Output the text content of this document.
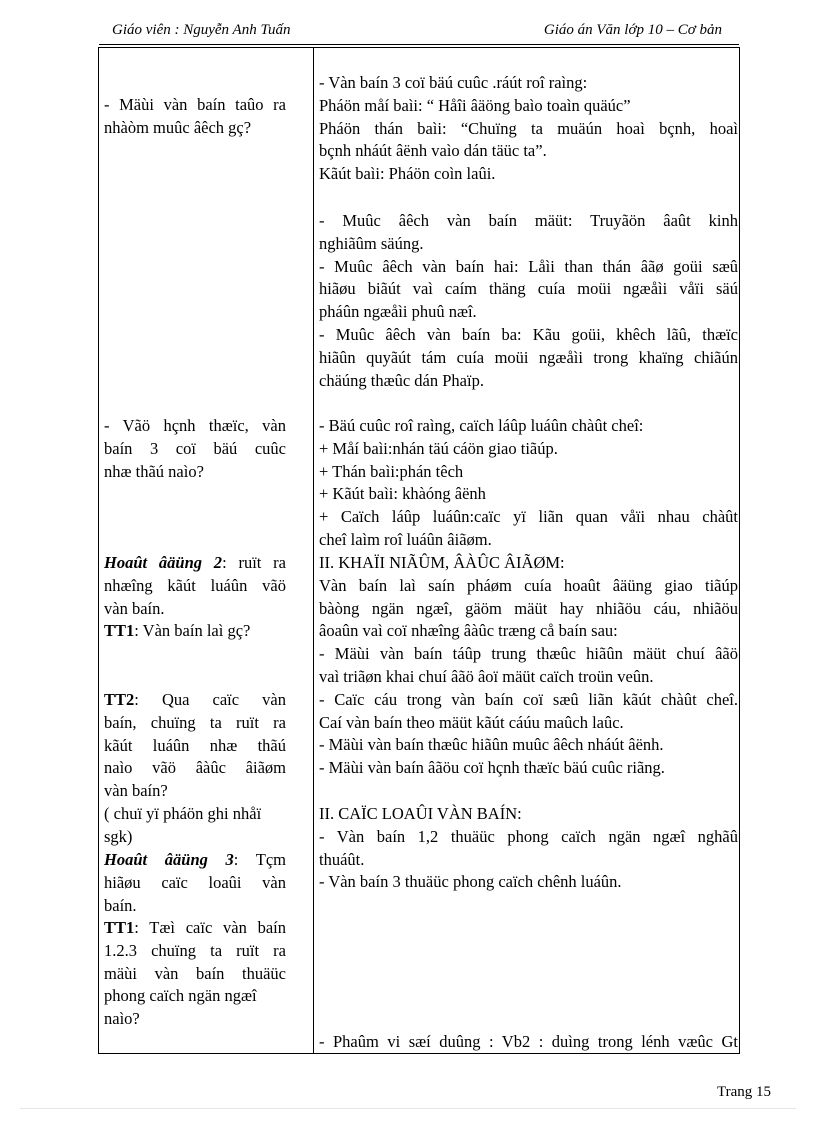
Giáo viên : Nguyễn Anh Tuấn	Giáo án Văn lớp 10 – Cơ bản

- Mäùi vàn baín taûo ra

nhàòm muûc âêch gç?

- Vãö hçnh thæïc, vàn

baín 3 coï bäú cuûc

nhæ thãú naìo?

Hoaût âäüng 2: ruït ra

nhæîng kãút luáûn vãö

vàn baín.

TT1: Vàn baín laì gç?

TT2: Qua caïc vàn

baín, chuïng ta ruït ra

kãút luáûn nhæ thãú

naìo vãö âàûc âiãøm

vàn baín?

( chuï yï pháön ghi nhåï

sgk)

Hoaût âäüng 3: Tçm

hiãøu caïc loaûi vàn

baín.

TT1: Tæì caïc vàn baín

1.2.3 chuïng ta ruït ra

mäùi vàn baín thuäüc

phong caïch ngän ngæî

naìo?

- Vàn baín 3 coï bäú cuûc .ráút roî raìng:

Pháön måí baìi: “ Håîi âäöng baìo toaìn quäúc”

Pháön thán baìi: “Chuïng ta muäún hoaì bçnh, hoaì

bçnh nháút âënh vaìo dán täüc ta”.

Kãút baìi: Pháön coìn laûi.

- Muûc âêch vàn baín mäüt: Truyãön âaût kinh

nghiãûm säúng.

- Muûc âêch vàn baín hai: Låìi than thán âãø goüi sæû

hiãøu biãút vaì caím thäng cuía moüi ngæåìi våïi säú

pháûn ngæåìi phuû næî.

- Muûc âêch vàn baín ba: Kãu goüi, khêch lãû, thæïc

hiãûn quyãút tám cuía moüi ngæåìi trong khaïng chiãún

chäúng thæûc dán Phaïp.

- Bäú cuûc roî raìng, caïch láûp luáûn chàût cheî:

+ Måí baìi:nhán täú cáön giao tiãúp.

+ Thán baìi:phán têch

+ Kãút baìi: khàóng âënh

+ Caïch láûp luáûn:caïc yï liãn quan våïi nhau chàût

cheî laìm roî luáûn âiãøm.

II. KHAÏI NIÃÛM, ÂÀÛC ÂIÃØM:

Vàn baín laì saín pháøm cuía hoaût âäüng giao tiãúp

bàòng ngän ngæî, gäöm mäüt hay nhiãöu cáu, nhiãöu

âoaûn vaì coï nhæîng âàûc træng cå baín sau:

- Mäùi vàn baín táûp trung thæûc hiãûn mäüt chuí âãö

vaì triãøn khai chuí âãö âoï mäüt caïch troün veûn.

- Caïc cáu trong vàn baín coï sæû liãn kãút chàût cheî.

Caí vàn baín theo mäüt kãút cáúu maûch laûc.

- Mäùi vàn baín thæûc hiãûn muûc âêch nháút âënh.

- Mäùi vàn baín âãöu coï hçnh thæïc bäú cuûc riãng.

II. CAÏC LOAÛI VÀN BAÍN:

- Vàn baín 1,2 thuäüc phong caïch ngän ngæî nghãû

thuáût.

- Vàn baín 3 thuäüc phong caïch chênh luáûn.

- Phaûm vi sæí duûng : Vb2 : duìng trong lénh væûc Gt

Trang 15
